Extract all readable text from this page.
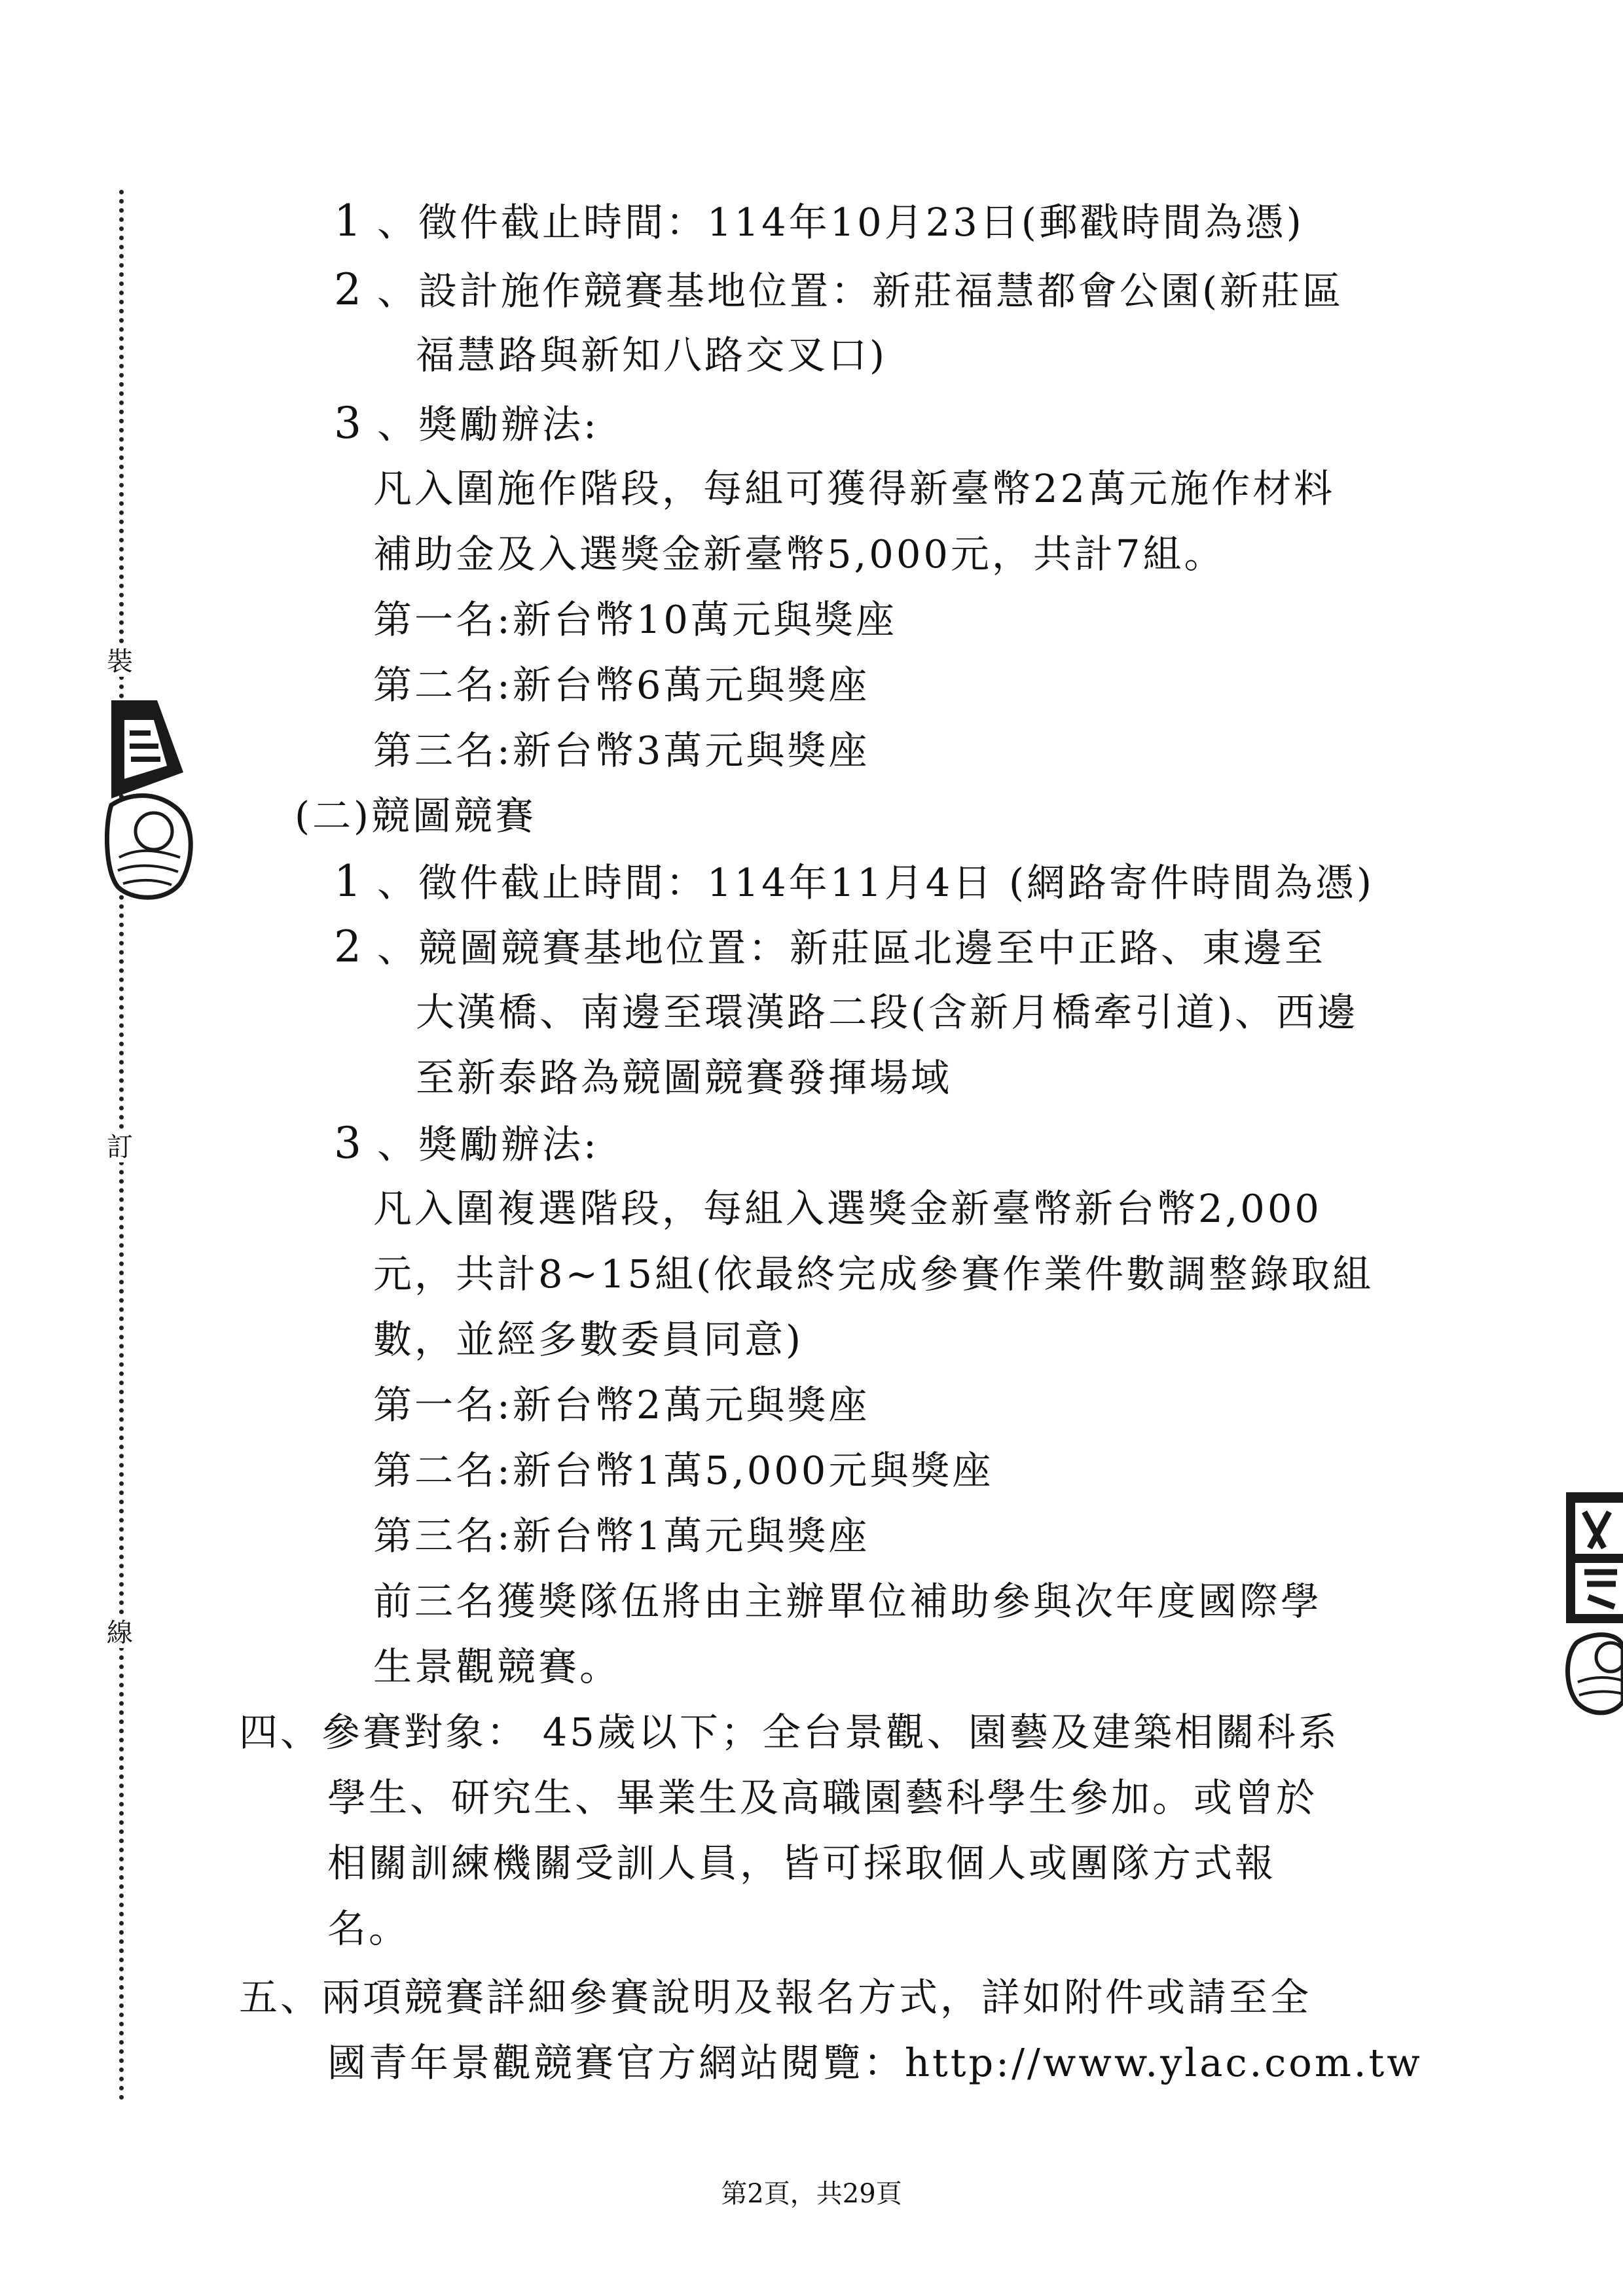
裝
訂
線
1 、徵件截止時間：114年10月23日(郵戳時間為憑)
2 、設計施作競賽基地位置：新莊福慧都會公園(新莊區
福慧路與新知八路交叉口)
3 、獎勵辦法:
凡入圍施作階段，每組可獲得新臺幣22萬元施作材料
補助金及入選獎金新臺幣5,000元，共計7組。
第一名:新台幣10萬元與獎座
第二名:新台幣6萬元與獎座
第三名:新台幣3萬元與獎座
(二)競圖競賽
1 、徵件截止時間：114年11月4日 (網路寄件時間為憑)
2 、競圖競賽基地位置：新莊區北邊至中正路、東邊至
大漢橋、南邊至環漢路二段(含新月橋牽引道)、西邊
至新泰路為競圖競賽發揮場域
3 、獎勵辦法:
凡入圍複選階段，每組入選獎金新臺幣新台幣2,000
元，共計8~15組(依最終完成參賽作業件數調整錄取組
數，並經多數委員同意)
第一名:新台幣2萬元與獎座
第二名:新台幣1萬5,000元與獎座
第三名:新台幣1萬元與獎座
前三名獲獎隊伍將由主辦單位補助參與次年度國際學
生景觀競賽。
四、參賽對象： 45歲以下；全台景觀、園藝及建築相關科系
學生、研究生、畢業生及高職園藝科學生參加。或曾於
相關訓練機關受訓人員，皆可採取個人或團隊方式報
名。
五、兩項競賽詳細參賽說明及報名方式，詳如附件或請至全
國青年景觀競賽官方網站閱覽：http://www.ylac.com.tw
第2頁，共29頁
